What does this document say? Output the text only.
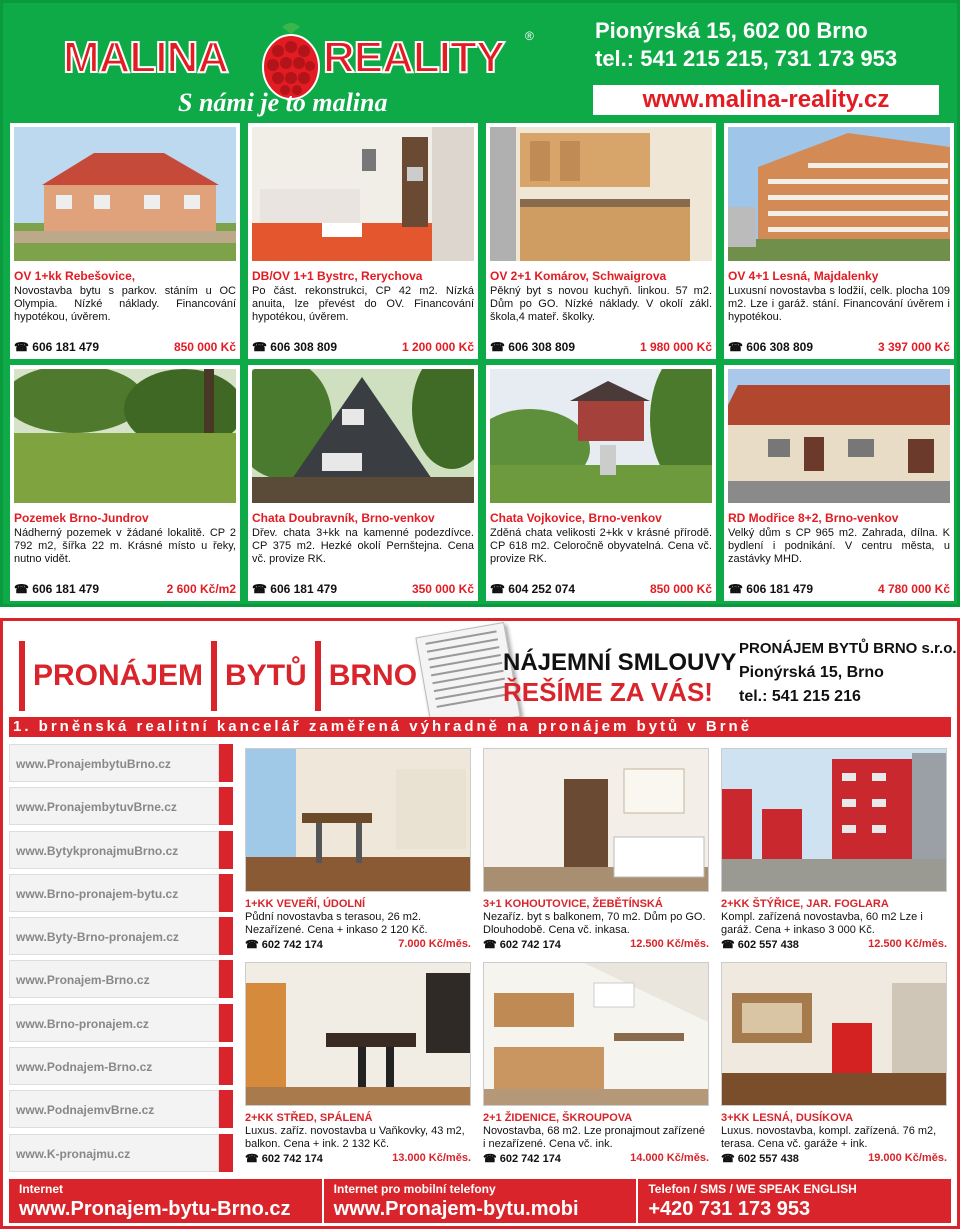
MALINA REALITY ®
S námi je to malina
Pionýrská 15, 602 00 Brno
tel.: 541 215 215, 731 173 953
www.malina-reality.cz
OV 1+kk Rebešovice,
Novostavba bytu s parkov. stáním u OC Olympia. Nízké náklady. Financování hypotékou, úvěrem.
☎ 606 181 479	850 000 Kč
DB/OV 1+1 Bystrc, Rerychova
Po část. rekonstrukci, CP 42 m2. Nízká anuita, lze převést do OV. Financování hypotékou, úvěrem.
☎ 606 308 809	1 200 000 Kč
OV 2+1 Komárov, Schwaigrova
Pěkný byt s novou kuchyň. linkou. 57 m2. Dům po GO. Nízké náklady. V okolí zákl. škola,4 mateř. školky.
☎ 606 308 809	1 980 000 Kč
OV 4+1 Lesná, Majdalenky
Luxusní novostavba s lodžií, celk. plocha 109 m2. Lze i garáž. stání. Financování úvěrem i hypotékou.
☎ 606 308 809	3 397 000 Kč
Pozemek Brno-Jundrov
Nádherný pozemek v žádané lokalitě. CP 2 792 m2, šířka 22 m. Krásné místo u řeky, nutno vidět.
☎ 606 181 479	2 600 Kč/m2
Chata Doubravník, Brno-venkov
Dřev. chata 3+kk na kamenné podezdívce. CP 375 m2. Hezké okolí Pernštejna. Cena vč. provize RK.
☎ 606 181 479	350 000 Kč
Chata Vojkovice, Brno-venkov
Zděná chata velikosti 2+kk v krásné přírodě. CP 618 m2. Celoročně obyvatelná. Cena vč. provize RK.
☎ 604 252 074	850 000 Kč
RD Modřice 8+2, Brno-venkov
Velký dům s CP 965 m2. Zahrada, dílna. K bydlení i podnikání. V centru města, u zastávky MHD.
☎ 606 181 479	4 780 000 Kč
PRONÁJEM BYTŮ BRNO	NÁJEMNÍ SMLOUVY
ŘEŠÍME ZA VÁS!
PRONÁJEM BYTŮ BRNO s.r.o.
Pionýrská 15, Brno
tel.: 541 215 216
1. brněnská realitní kancelář zaměřená výhradně na pronájem bytů v Brně
www.PronajembytuBrno.cz
www.PronajembytuvBrne.cz
www.BytykpronajmuBrno.cz
www.Brno-pronajem-bytu.cz
www.Byty-Brno-pronajem.cz
www.Pronajem-Brno.cz
www.Brno-pronajem.cz
www.Podnajem-Brno.cz
www.PodnajemvBrne.cz
www.K-pronajmu.cz
1+KK VEVEŘÍ, ÚDOLNÍ
Půdní novostavba s terasou, 26 m2. Nezařízené. Cena + inkaso 2 120 Kč.
☎ 602 742 174	7.000 Kč/měs.
3+1 KOHOUTOVICE, ŽEBĚTÍNSKÁ
Nezaříz. byt s balkonem, 70 m2. Dům po GO. Dlouhodobě. Cena vč. inkasa.
☎ 602 742 174	12.500 Kč/měs.
2+KK ŠTÝŘICE, JAR. FOGLARA
Kompl. zařízená novostavba, 60 m2 Lze i garáž. Cena + inkaso 3 000 Kč.
☎ 602 557 438	12.500 Kč/měs.
2+KK STŘED, SPÁLENÁ
Luxus. zaříz. novostavba u Vaňkovky, 43 m2, balkon. Cena + ink. 2 132 Kč.
☎ 602 742 174	13.000 Kč/měs.
2+1 ŽIDENICE, ŠKROUPOVA
Novostavba, 68 m2. Lze pronajmout zařízené i nezařízené. Cena vč. ink.
☎ 602 742 174	14.000 Kč/měs.
3+KK LESNÁ, DUSÍKOVA
Luxus. novostavba, kompl. zařízená. 76 m2, terasa. Cena vč. garáže + ink.
☎ 602 557 438	19.000 Kč/měs.
Internet
www.Pronajem-bytu-Brno.cz
Internet pro mobilní telefony
www.Pronajem-bytu.mobi
Telefon / SMS / WE SPEAK ENGLISH
+420 731 173 953
